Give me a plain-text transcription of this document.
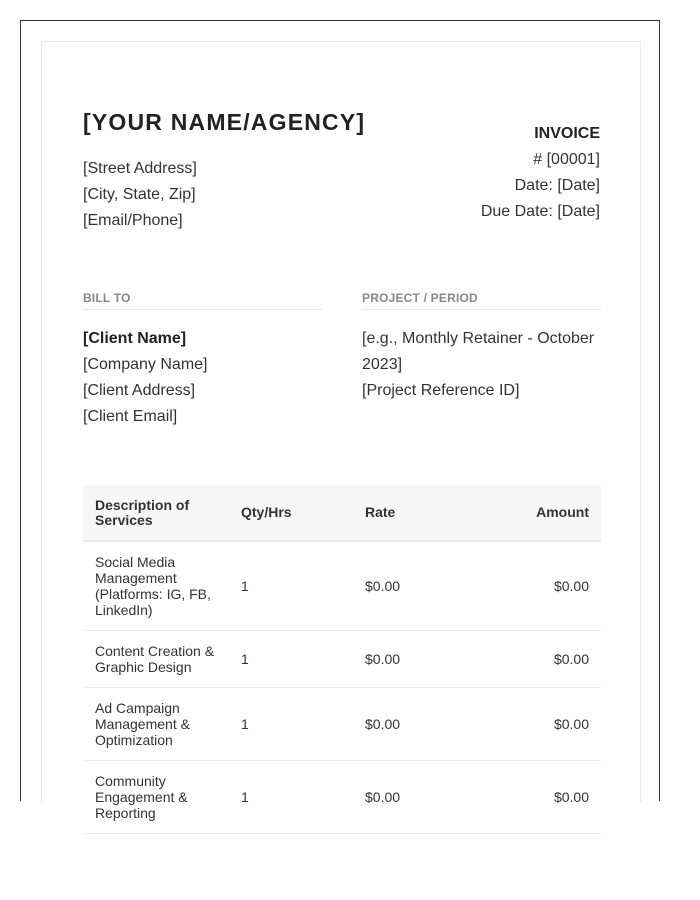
[YOUR NAME/AGENCY]
[Street Address]
[City, State, Zip]
[Email/Phone]
INVOICE
# [00001]
Date: [Date]
Due Date: [Date]
BILL TO	PROJECT / PERIOD
[Client Name]
[Company Name]
[Client Address]
[Client Email]
[e.g., Monthly Retainer - October 2023]
[Project Reference ID]
Description of Services	Qty/Hrs	Rate	Amount
Social Media Management (Platforms: IG, FB, LinkedIn)	1	$0.00	$0.00
Content Creation & Graphic Design	1	$0.00	$0.00
Ad Campaign Management & Optimization	1	$0.00	$0.00
Community Engagement & Reporting	1	$0.00	$0.00
